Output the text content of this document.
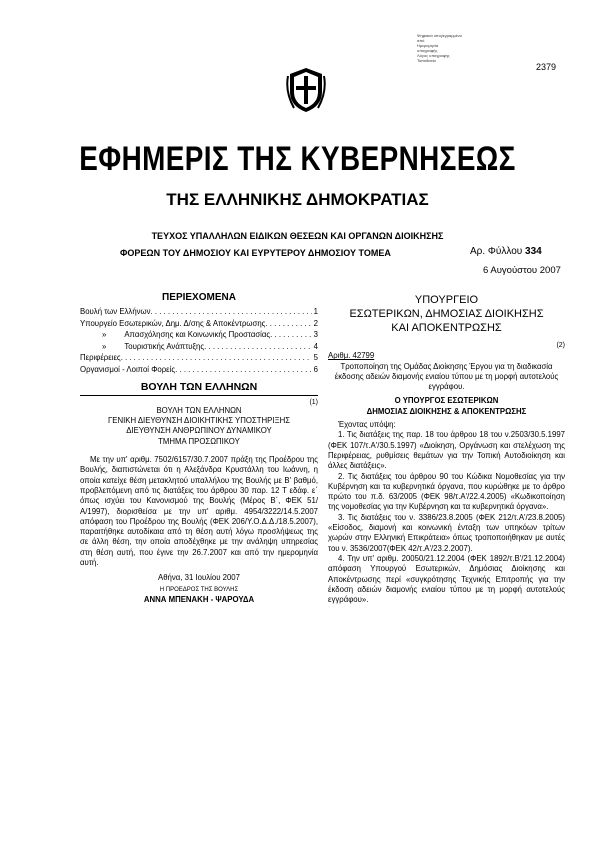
Ψηφιακά υπογεγραμμένο
από
Ημερομηνία
υπογραφής
Λόγος υπογραφής
Τοποθεσία
2379
ΕΦΗΜΕΡΙΣ ΤΗΣ ΚΥΒΕΡΝΗΣΕΩΣ
ΤΗΣ ΕΛΛΗΝΙΚΗΣ ΔΗΜΟΚΡΑΤΙΑΣ
ΤΕΥΧΟΣ ΥΠΑΛΛΗΛΩΝ ΕΙΔΙΚΩΝ ΘΕΣΕΩΝ ΚΑΙ ΟΡΓΑΝΩΝ ΔΙΟΙΚΗΣΗΣ
ΦΟΡΕΩΝ ΤΟΥ ΔΗΜΟΣΙΟΥ ΚΑΙ ΕΥΡΥΤΕΡΟΥ ΔΗΜΟΣΙΟΥ ΤΟΜΕΑ	Αρ. Φύλλου 334
6 Αυγούστου 2007
ΠΕΡΙΕΧΟΜΕΝΑ
Βουλή των Ελλήνων . . .	1
Υπουργείο Εσωτερικών, Δημ. Δ/σης & Αποκέντρωσης . . .	2
»	Απασχόλησης και Κοινωνικής Προστασίας . . .	3
»	Τουριστικής Ανάπτυξης . . .	4
Περιφέρειες . . .	5
Οργανισμοί - Λοιποί Φορείς . . .	6
ΒΟΥΛΗ ΤΩΝ ΕΛΛΗΝΩΝ
(1)
ΒΟΥΛΗ ΤΩΝ ΕΛΛΗΝΩΝ
ΓΕΝΙΚΗ ΔΙΕΥΘΥΝΣΗ ΔΙΟΙΚΗΤΙΚΗΣ ΥΠΟΣΤΗΡΙΞΗΣ
ΔΙΕΥΘΥΝΣΗ ΑΝΘΡΩΠΙΝΟΥ ΔΥΝΑΜΙΚΟΥ
ΤΜΗΜΑ ΠΡΟΣΩΠΙΚΟΥ
Με την υπ' αριθμ. 7502/6157/30.7.2007 πράξη της Προέδρου της Βουλής, διαπιστώνεται ότι η Αλεξάνδρα Κρυστάλλη του Ιωάννη, η οποία κατείχε θέση μετακλητού υπαλλήλου της Βουλής με Β' βαθμό, προβλεπόμενη από τις διατάξεις του άρθρου 30 παρ. 12 Τ εδάφ. ε΄ όπως ισχύει του Κανονισμού της Βουλής (Μέρος Β΄, ΦΕΚ 51/Α/1997), διορισθείσα με την υπ' αριθμ. 4954/3222/14.5.2007 απόφαση του Προέδρου της Βουλής (ΦΕΚ 206/Υ.Ο.Δ.Δ./18.5.2007), παραιτήθηκε αυτοδίκαια από τη θέση αυτή λόγω προσλήψεως της σε άλλη θέση, την οποία αποδέχθηκε με την ανάληψη υπηρεσίας στη θέση αυτή, που έγινε την 26.7.2007 και από την ημερομηνία αυτή.
Αθήνα, 31 Ιουλίου 2007
Η ΠΡΟΕΔΡΟΣ ΤΗΣ ΒΟΥΛΗΣ
ΑΝΝΑ ΜΠΕΝΑΚΗ - ΨΑΡΟΥΔΑ
ΥΠΟΥΡΓΕΙΟ
ΕΣΩΤΕΡΙΚΩΝ, ΔΗΜΟΣΙΑΣ ΔΙΟΙΚΗΣΗΣ
ΚΑΙ ΑΠΟΚΕΝΤΡΩΣΗΣ
(2)
Αριθμ. 42799
Τροποποίηση της Ομάδας Διοίκησης Έργου για τη διαδικασία έκδοσης αδειών διαμονής ενιαίου τύπου με τη μορφή αυτοτελούς εγγράφου.
Ο ΥΠΟΥΡΓΟΣ ΕΣΩΤΕΡΙΚΩΝ
ΔΗΜΟΣΙΑΣ ΔΙΟΙΚΗΣΗΣ & ΑΠΟΚΕΝΤΡΩΣΗΣ
Έχοντας υπόψη:
1. Τις διατάξεις της παρ. 18 του άρθρου 18 του ν.2503/30.5.1997 (ΦΕΚ 107/τ.Α'/30.5.1997) «Διοίκηση, Οργάνωση και στελέχωση της Περιφέρειας, ρυθμίσεις θεμάτων για την Τοπική Αυτοδιοίκηση και άλλες διατάξεις».
2. Τις διατάξεις του άρθρου 90 του Κώδικα Νομοθεσίας για την Κυβέρνηση και τα κυβερνητικά όργανα, που κυρώθηκε με το άρθρο πρώτο του π.δ. 63/2005 (ΦΕΚ 98/τ.Α'/22.4.2005) «Κωδικοποίηση της νομοθεσίας για την Κυβέρνηση και τα κυβερνητικά όργανα».
3. Τις διατάξεις του ν. 3386/23.8.2005 (ΦΕΚ 212/τ.Α'/23.8.2005) «Είσοδος, διαμονή και κοινωνική ένταξη των υπηκόων τρίτων χωρών στην Ελληνική Επικράτεια» όπως τροποποιήθηκαν με αυτές του ν. 3536/2007(ΦΕΚ 42/τ.Α'/23.2.2007).
4. Την υπ' αριθμ. 20050/21.12.2004 (ΦΕΚ 1892/τ.Β'/21.12.2004) απόφαση Υπουργού Εσωτερικών, Δημόσιας Διοίκησης και Αποκέντρωσης περί «συγκρότησης Τεχνικής Επιτροπής για την έκδοση αδειών διαμονής ενιαίου τύπου με τη μορφή αυτοτελούς εγγράφου».
